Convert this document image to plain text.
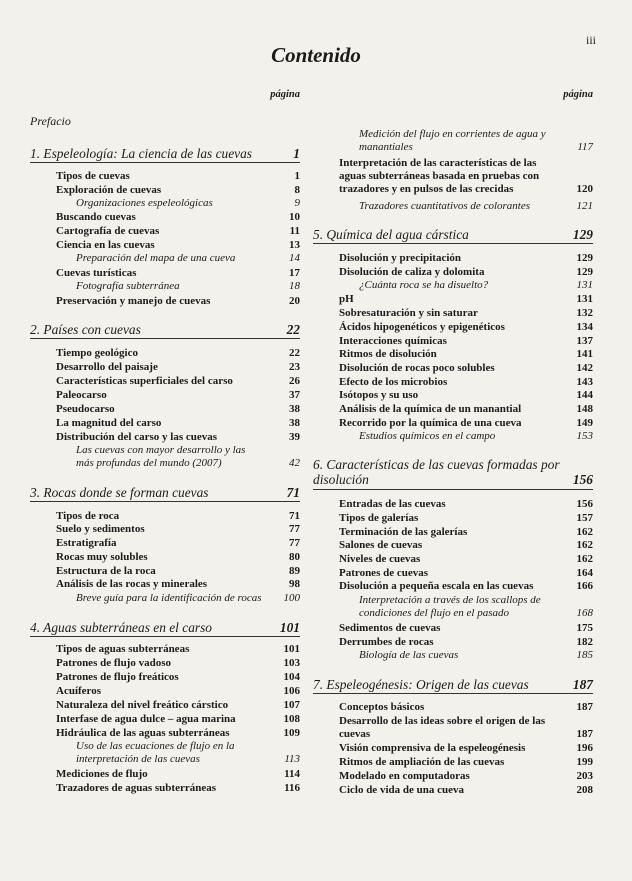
iii
Contenido
página
Prefacio
1. Espeleología: La ciencia de las cuevas	1
Tipos de cuevas	1
Exploración de cuevas	8
Organizaciones espeleológicas	9
Buscando cuevas	10
Cartografía de cuevas	11
Ciencia en las cuevas	13
Preparación del mapa de una cueva	14
Cuevas turísticas	17
Fotografía subterránea	18
Preservación y manejo de cuevas	20
2. Países con cuevas	22
Tiempo geológico	22
Desarrollo del paisaje	23
Características superficiales del carso	26
Paleocarso	37
Pseudocarso	38
La magnitud del carso	38
Distribución del carso y las cuevas	39
Las cuevas con mayor desarrollo y las más profundas del mundo (2007)	42
3. Rocas donde se forman cuevas	71
Tipos de roca	71
Suelo y sedimentos	77
Estratigrafía	77
Rocas muy solubles	80
Estructura de la roca	89
Análisis de las rocas y minerales	98
Breve guía para la identificación de rocas	100
4. Aguas subterráneas en el carso	101
Tipos de aguas subterráneas	101
Patrones de flujo vadoso	103
Patrones de flujo freáticos	104
Acuíferos	106
Naturaleza del nivel freático cárstico	107
Interfase de agua dulce – agua marina	108
Hidráulica de las aguas subterráneas	109
Uso de las ecuaciones de flujo en la interpretación de las cuevas	113
Mediciones de flujo	114
Trazadores de aguas subterráneas	116
página
Medición del flujo en corrientes de agua y manantiales	117
Interpretación de las características de las aguas subterráneas basada en pruebas con trazadores y en pulsos de las crecidas	120
Trazadores cuantitativos de colorantes	121
5. Química del agua cárstica	129
Disolución y precipitación	129
Disolución de caliza y dolomita	129
¿Cuánta roca se ha disuelto?	131
pH	131
Sobresaturación y sin saturar	132
Ácidos hipogenéticos y epigenéticos	134
Interacciones químicas	137
Ritmos de disolución	141
Disolución de rocas poco solubles	142
Efecto de los microbios	143
Isótopos y su uso	144
Análisis de la química de un manantial	148
Recorrido por la química de una cueva	149
Estudios químicos en el campo	153
6. Características de las cuevas formadas por disolución	156
Entradas de las cuevas	156
Tipos de galerías	157
Terminación de las galerías	162
Salones de cuevas	162
Niveles de cuevas	162
Patrones de cuevas	164
Disolución a pequeña escala en las cuevas	166
Interpretación a través de los scallops de condiciones del flujo en el pasado	168
Sedimentos de cuevas	175
Derrumbes de rocas	182
Biología de las cuevas	185
7. Espeleogénesis: Origen de las cuevas	187
Conceptos básicos	187
Desarrollo de las ideas sobre el origen de las cuevas	187
Visión comprensiva de la espeleogénesis	196
Ritmos de ampliación de las cuevas	199
Modelado en computadoras	203
Ciclo de vida de una cueva	208
